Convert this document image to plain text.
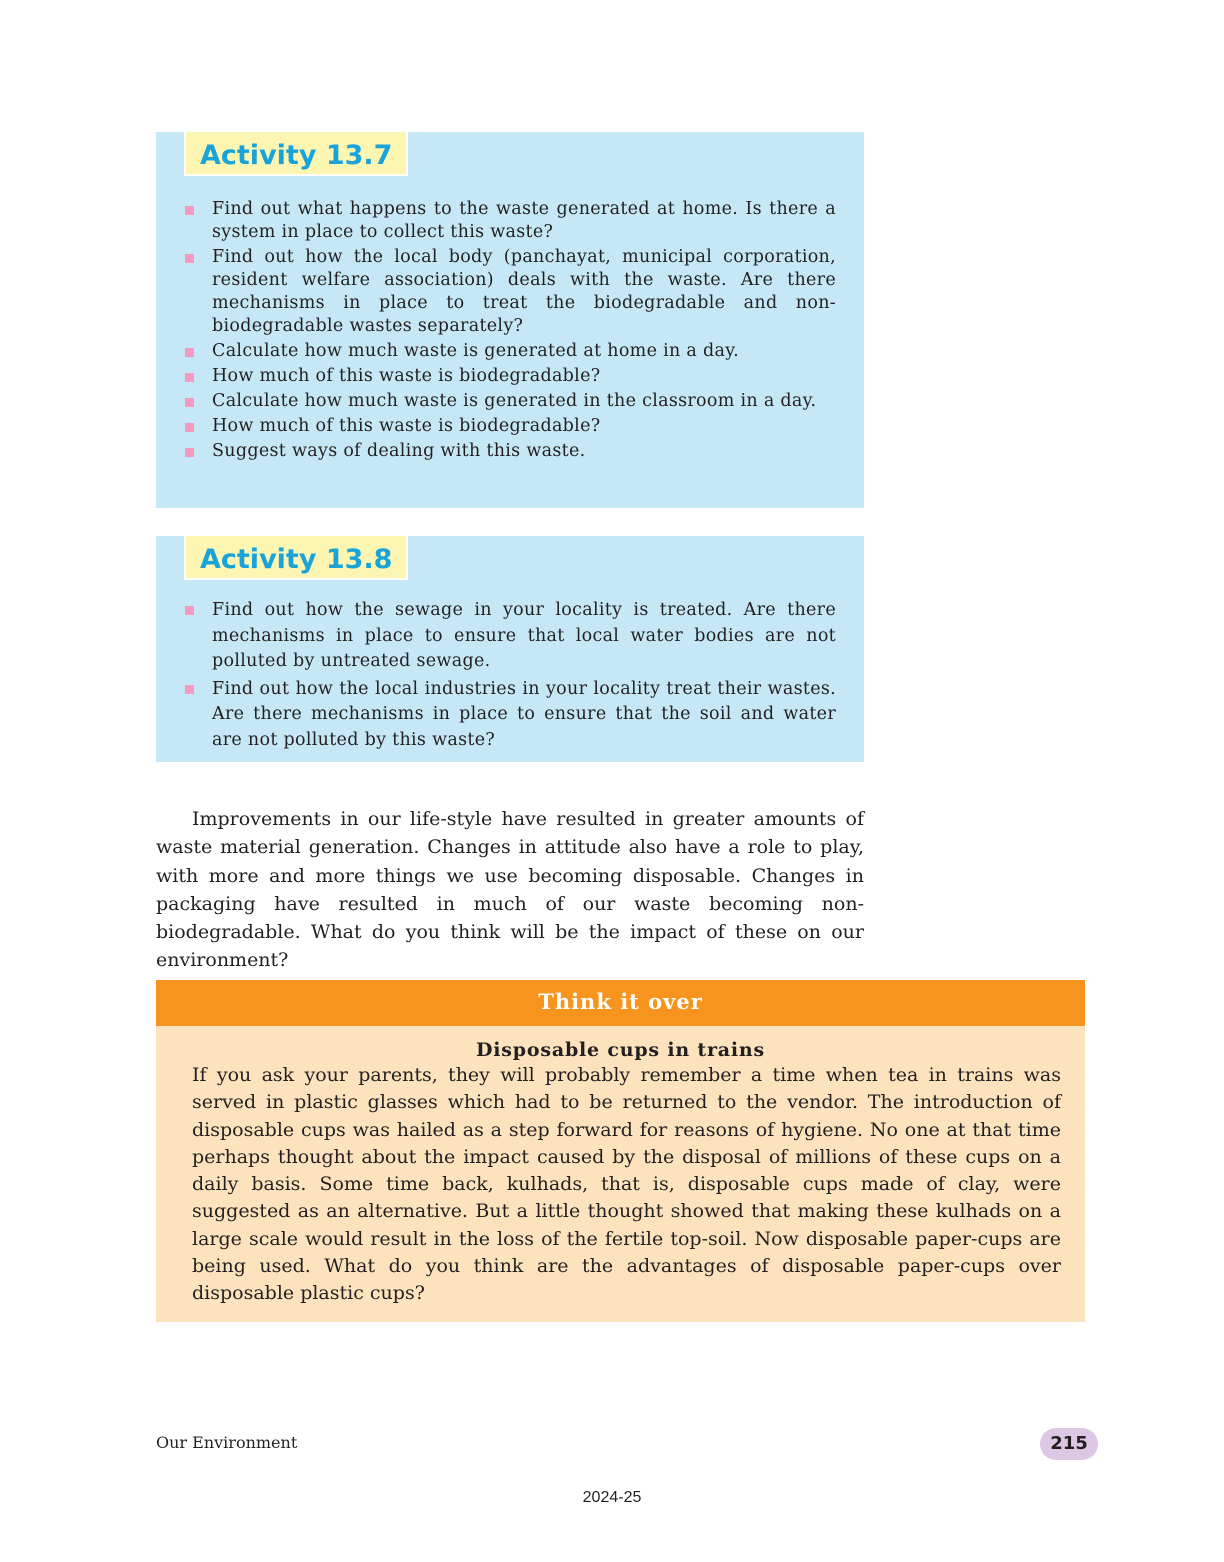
Activity 13.7
Find out what happens to the waste generated at home. Is there a system in place to collect this waste?
Find out how the local body (panchayat, municipal corporation, resident welfare association) deals with the waste. Are there mechanisms in place to treat the biodegradable and non-biodegradable wastes separately?
Calculate how much waste is generated at home in a day.
How much of this waste is biodegradable?
Calculate how much waste is generated in the classroom in a day.
How much of this waste is biodegradable?
Suggest ways of dealing with this waste.
Activity 13.8
Find out how the sewage in your locality is treated. Are there mechanisms in place to ensure that local water bodies are not polluted by untreated sewage.
Find out how the local industries in your locality treat their wastes. Are there mechanisms in place to ensure that the soil and water are not polluted by this waste?

Improvements in our life-style have resulted in greater amounts of waste material generation. Changes in attitude also have a role to play, with more and more things we use becoming disposable. Changes in packaging have resulted in much of our waste becoming non-biodegradable. What do you think will be the impact of these on our environment?

Think it over
Disposable cups in trains
If you ask your parents, they will probably remember a time when tea in trains was served in plastic glasses which had to be returned to the vendor. The introduction of disposable cups was hailed as a step forward for reasons of hygiene. No one at that time perhaps thought about the impact caused by the disposal of millions of these cups on a daily basis. Some time back, kulhads, that is, disposable cups made of clay, were suggested as an alternative. But a little thought showed that making these kulhads on a large scale would result in the loss of the fertile top-soil. Now disposable paper-cups are being used. What do you think are the advantages of disposable paper-cups over disposable plastic cups?
Our Environment	215
2024-25
